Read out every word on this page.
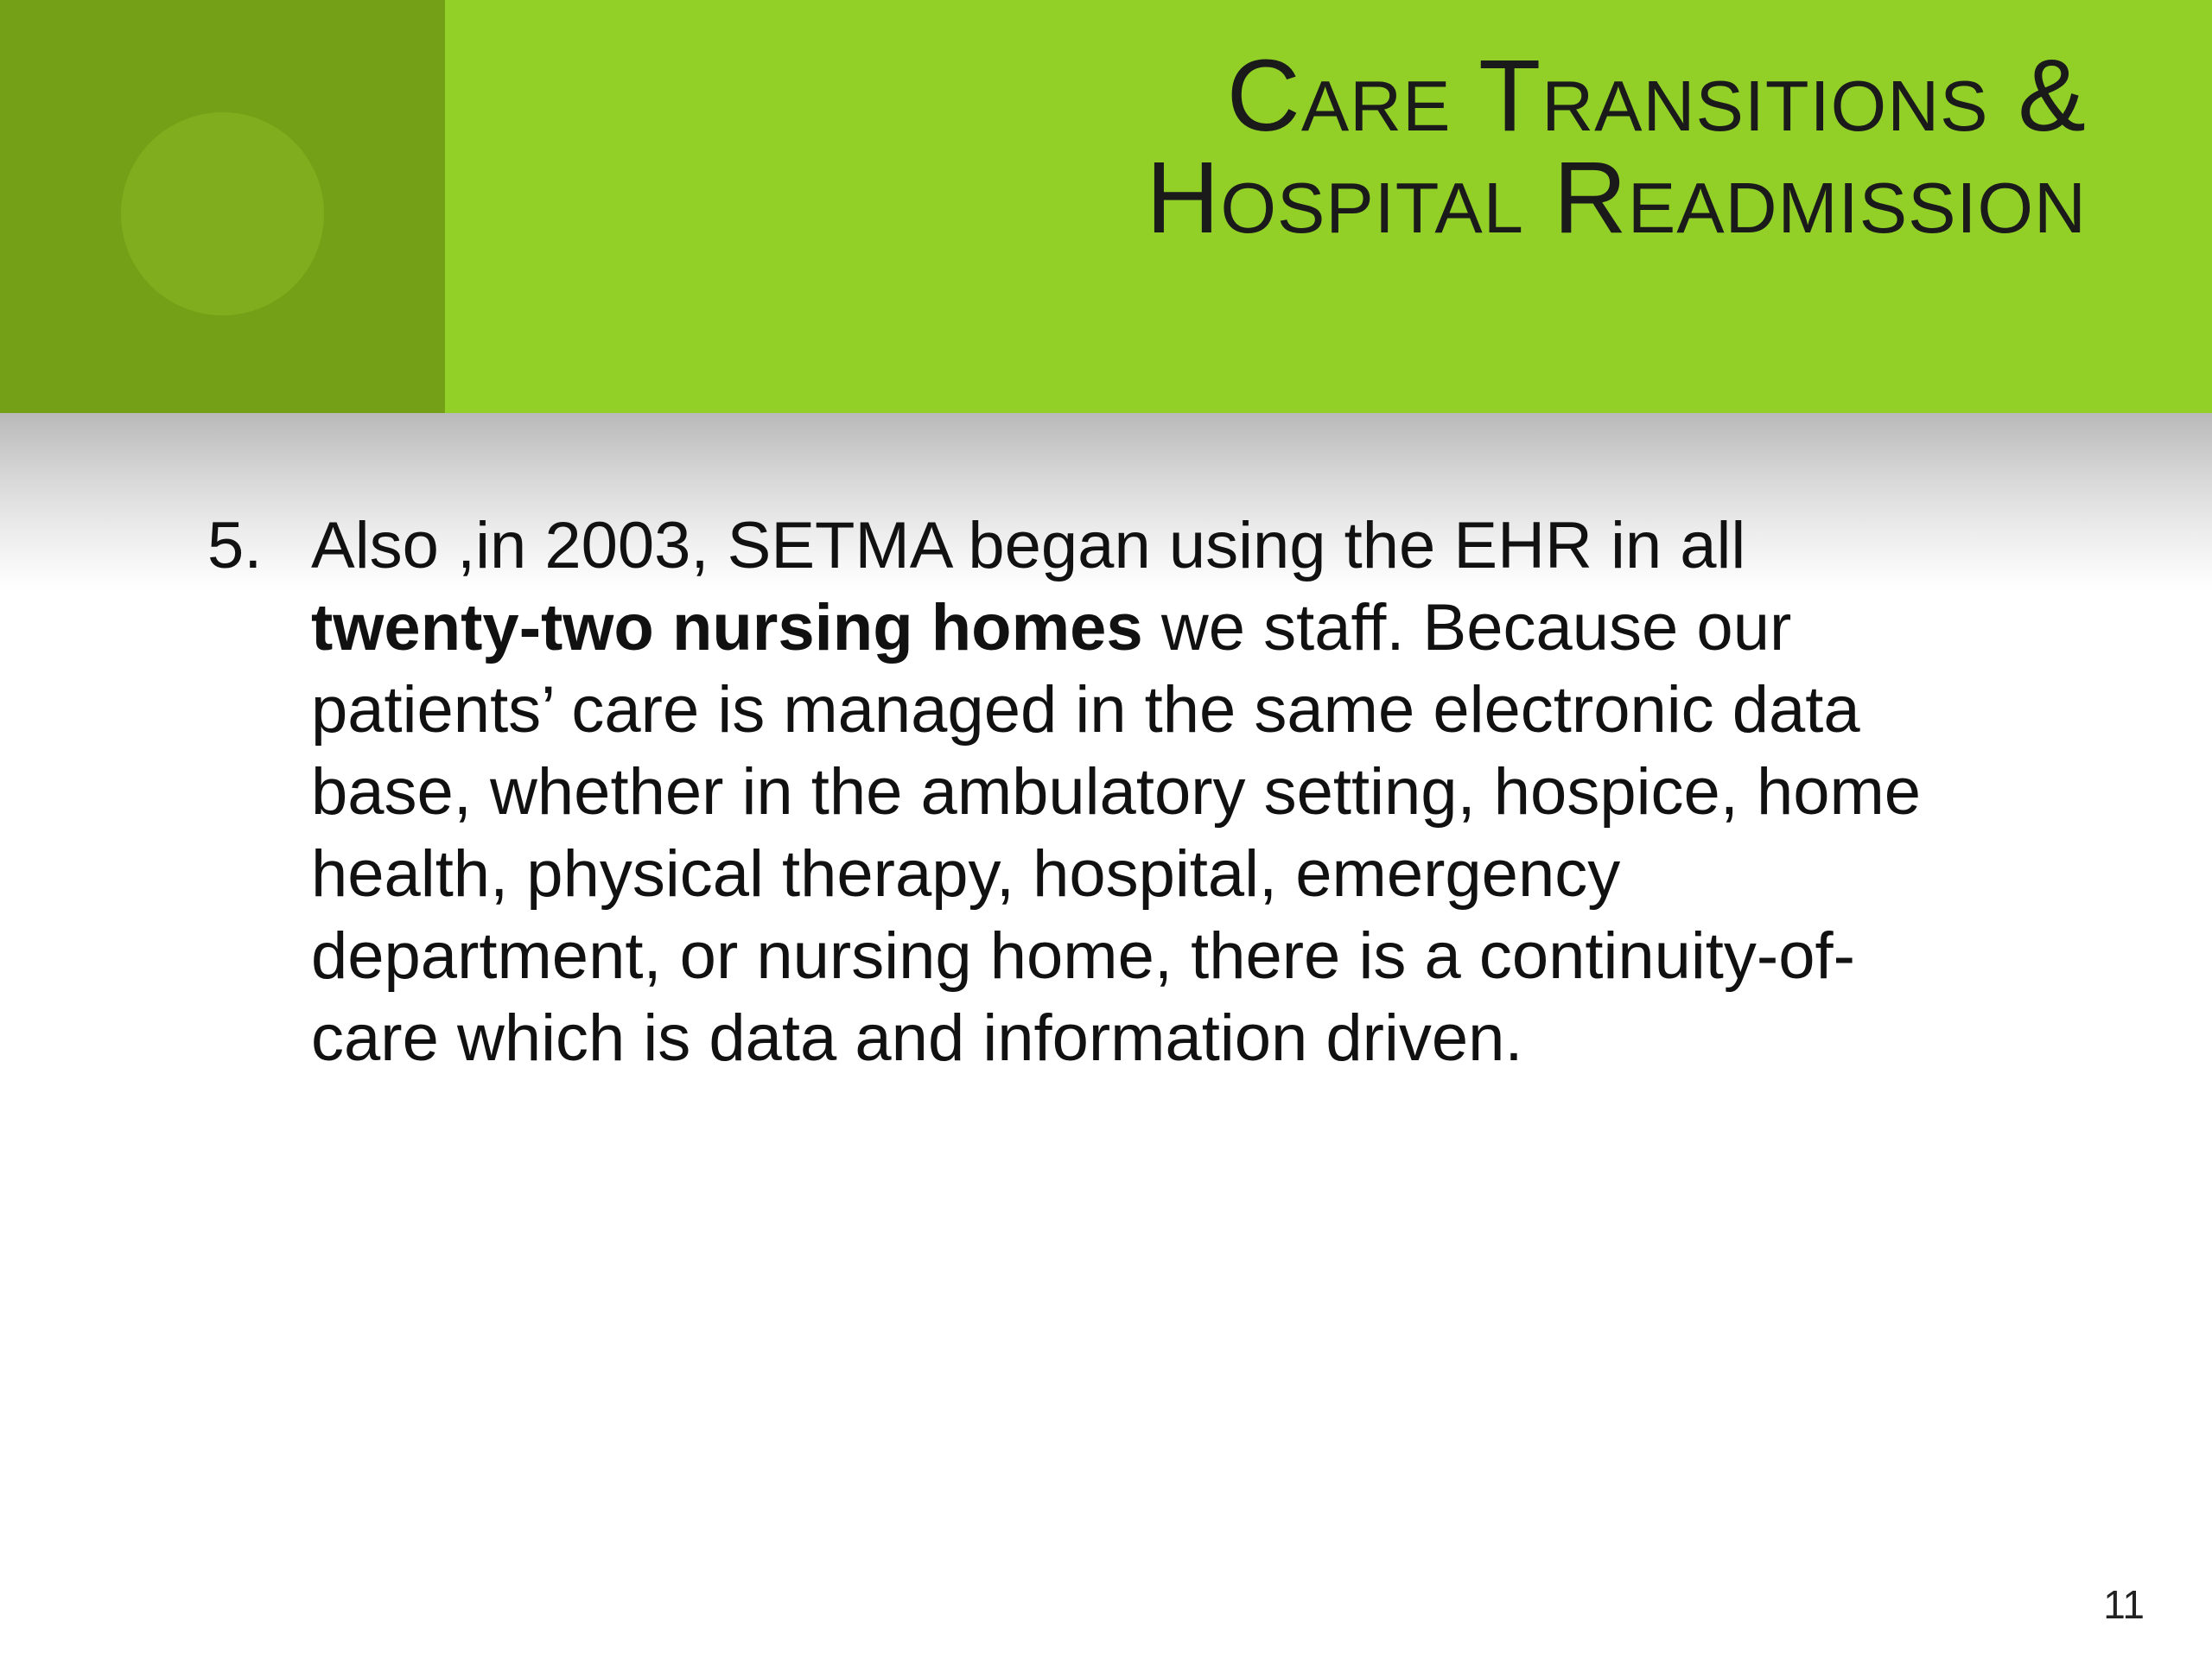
Care Transitions &
Hospital Readmission
5. Also ,in 2003, SETMA began using the EHR in all twenty-two nursing homes we staff. Because our patients’ care is managed in the same electronic data base, whether in the ambulatory setting, hospice, home health, physical therapy, hospital, emergency department, or nursing home, there is a continuity-of-care which is data and information driven.
11
